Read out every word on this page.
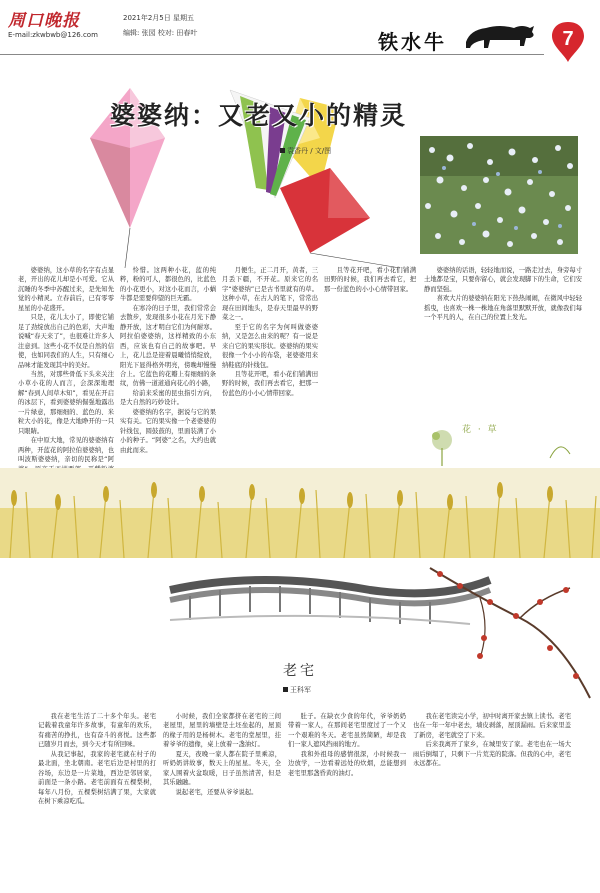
周口晚报
E-mail:zkwbwb@126.com
2021年2月5日 星期五
编辑: 张园 校对: 田春叶	铁水牛	7
婆婆纳：又老又小的精灵
袁香丹 / 文/图

婆婆纳，这小草的名字有点显老，开出的花儿却是小可爱。它从沉睡的冬季中苏醒过来，是先知先觉的小精灵。立春前后，已有零零星星的小花盛开。

只是，花儿太小了，即使它铺足了劲绽放出自己的色彩，大声地说喊“春天来了”，也很难让许多人注意到。这些小花不仅是自然的信使，也如同我们的人生，只有细心品味才能发现其中的美好。

当然，对那些骨低下头来关注小草小花的人而言，会深深地理解“春到人间草木知”，看见在开启的冰层下，看到婆婆纳倔强地露出一片绿意，那细细的、蓝色的、米粒大小的花，像是大地睁开的一只只眼睛。

在中原大地，常见的婆婆纳有两种，开蓝花的阿拉伯婆婆纳，也叫波斯婆婆纳，亲切的民称是“阿

怜惜。这两种小花，蓝的纯粹，粉的可人，都很色的，比蓝色的小花更小，对这小花而言，小蜗牛都是需要仰望的巨无霸。

在寒冷的日子里，我们常常会去散步，发现很多小花在月光下静静开放，这才明白它们为何耐寒。阿拉伯婆婆纳，这样精致的小东西，应该也有自己的故事吧。早上，花儿总是迎着晨曦悄悄绽放，阳光下显得格外明亮，傍晚却慢慢合上。它蓝色的花瓣上有细细的条纹，仿佛一道道通向花心的小路，

给前来采蜜的昆虫指引方向，是大自然的巧妙设计。

婆婆纳的名字，据说与它的果实有关。它的果实像一个老婆婆的针线包，圆鼓鼓的，里面装满了小小的种子。“阿婆”之名，大约也就由此而来。

月便生，正二月开，黄者，三月丢下疆，不开花。原来它的名字“婆婆纳”已是古书里就有的草。这种小草，在古人的笔下，常常出现在田间地头，是春天里最早的野菜之一。

至于它的名字为何叫做婆婆纳，又是怎么由来的呢？有一说是来自它的果实形状。婆婆纳的果实很像一个小小的布袋，老婆婆用来纳鞋底的针线包。

且等花开吧，看小花们铺满田野的时候，我们再去看它，把那一份蓝色的小小心情带回家。

且等花开吧，看小花们铺满田野的时候，我们再去看它，把那一份蓝色的小小心情带回家。

婆婆纳的话语，轻轻地而说，一路走过去，身旁每寸土地都是宝，只要你留心，就会发现脚下的生命，它们安静而坚强。

喜欢大片的婆婆纳在阳光下热热闹闹，在微风中轻轻摇曳，也喜欢一株一株地在角落里默默开放，就像我们每一个平凡的人，在自己的位置上发光。

花 · 草
老宅
王科军

我在老宅生活了二十多个年头。老宅记载着我童年许多故事，有童年的欢乐，有痛苦的挣扎，也有奋斗的喜悦。这些都已随岁月而去，到今天才有所回味。

从我记事起，我家的老宅就在村子的最北面，坐北朝南。老宅后边是村里的打谷场，东边是一片菜地，西边是邻居家，前面是一条小路。老宅前面有五棵梨树，每年八月份，五棵梨树结满了果，大家就在树下乘凉吃瓜。

小时候，我们全家都挤在老宅的三间老屋里，屋里的墙壁是土坯垒起的，屋顶的椽子用的是杨树木。老宅的堂屋里，挂着爷爷的遗像，桌上放着一盏油灯。

夏天，夜晚一家人都在院子里乘凉，听奶奶讲故事，数天上的星星。冬天，全家人围着火盆取暖，日子虽然清苦，但是其乐融融。

说起老宅，还要从爷爷说起。

肚子。在缺衣少食的年代，爷爷奶奶带着一家人，在那间老宅里度过了一个又一个艰难的冬天。老宅虽然简陋，却是我们一家人遮风挡雨的地方。

我和外祖母的感情很深，小时候我一边放学，一边看着远处的炊烟，总能想到老宅里那盏昏黄的油灯。

我在老宅读完小学，初中时离开家去镇上读书。老宅也在一年一年中老去，墙皮剥落，屋顶漏雨。后来家里盖了新房，老宅就空了下来。

后来我离开了家乡，在城里安了家。老宅也在一场大雨后倒塌了，只剩下一片荒芜的院落。但我的心中，老宅永远都在。
